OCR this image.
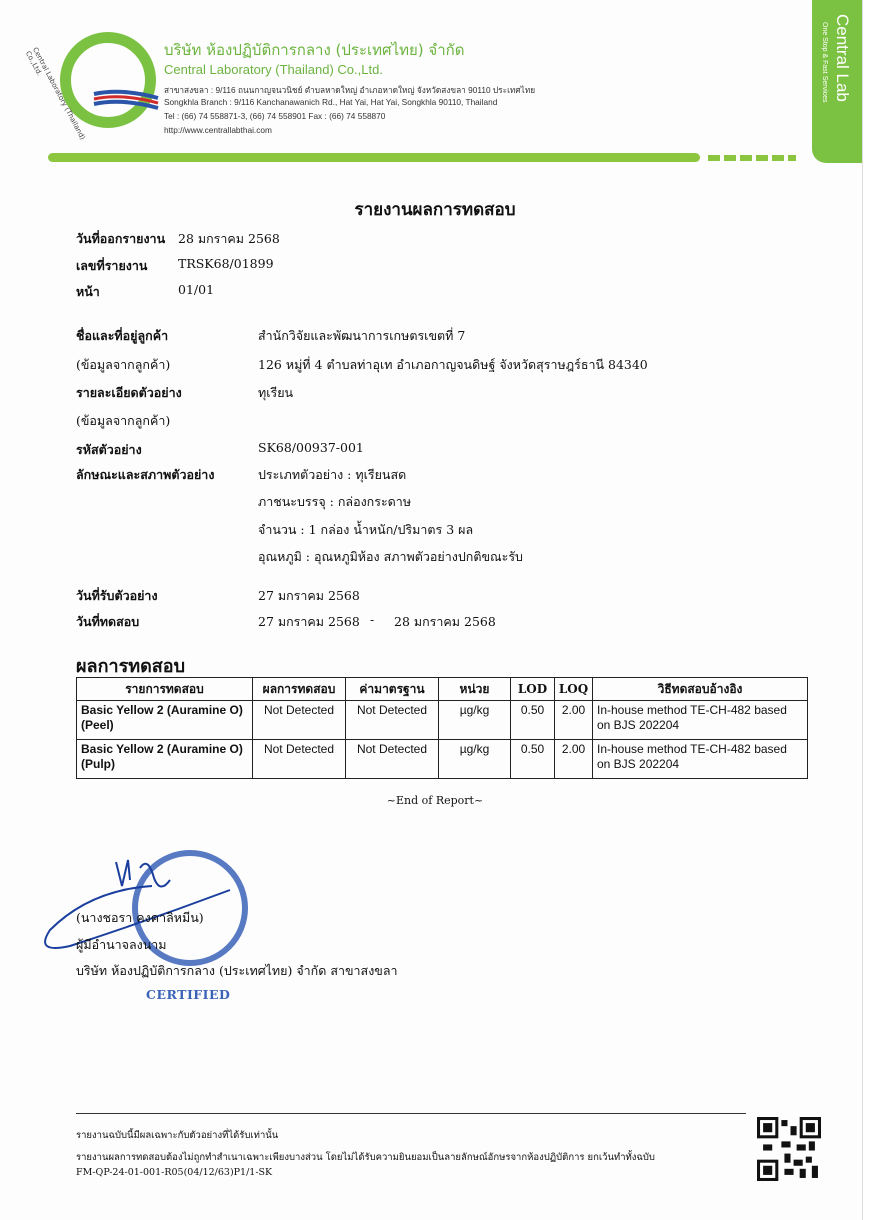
Central Laboratory (Thailand) Co.,Ltd.	บริษัท ห้องปฏิบัติการกลาง (ประเทศไทย) จำกัด
Central Laboratory (Thailand) Co.,Ltd.
สาขาสงขลา : 9/116 ถนนกาญจนวนิชย์ ตำบลหาดใหญ่ อำเภอหาดใหญ่ จังหวัดสงขลา 90110 ประเทศไทย
Songkhla Branch : 9/116 Kanchanawanich Rd., Hat Yai, Hat Yai, Songkhla 90110, Thailand
Tel : (66) 74 558871-3, (66) 74 558901 Fax : (66) 74 558870
http://www.centrallabthai.com
Central Lab
One Stop & Fast Services
รายงานผลการทดสอบ
วันที่ออกรายงาน 28 มกราคม 2568
เลขที่รายงาน TRSK68/01899
หน้า	01/01
ชื่อและที่อยู่ลูกค้า	สำนักวิจัยและพัฒนาการเกษตรเขตที่ 7
(ข้อมูลจากลูกค้า)	126 หมู่ที่ 4 ตำบลท่าอุเท อำเภอกาญจนดิษฐ์ จังหวัดสุราษฎร์ธานี 84340
รายละเอียดตัวอย่าง	ทุเรียน
(ข้อมูลจากลูกค้า)
รหัสตัวอย่าง	SK68/00937-001
ลักษณะและสภาพตัวอย่าง	ประเภทตัวอย่าง : ทุเรียนสด
ภาชนะบรรจุ : กล่องกระดาษ
จำนวน : 1 กล่อง น้ำหนัก/ปริมาตร 3 ผล
อุณหภูมิ : อุณหภูมิห้อง สภาพตัวอย่างปกติขณะรับ
วันที่รับตัวอย่าง	27 มกราคม 2568
วันที่ทดสอบ	27 มกราคม 2568 - 28 มกราคม 2568
ผลการทดสอบ
รายการทดสอบ	ผลการทดสอบ	ค่ามาตรฐาน	หน่วย	LOD	LOQ	วิธีทดสอบอ้างอิง
Basic Yellow 2 (Auramine O) (Peel)	Not Detected	Not Detected	µg/kg	0.50	2.00	In-house method TE-CH-482 based on BJS 202204
Basic Yellow 2 (Auramine O) (Pulp)	Not Detected	Not Detected	µg/kg	0.50	2.00	In-house method TE-CH-482 based on BJS 202204
~End of Report~
(นางชอรา คงคาลิหมีน)
ผู้มีอำนาจลงนาม
บริษัท ห้องปฏิบัติการกลาง (ประเทศไทย) จำกัด สาขาสงขลา
CERTIFIED
รายงานฉบับนี้มีผลเฉพาะกับตัวอย่างที่ได้รับเท่านั้น
รายงานผลการทดสอบต้องไม่ถูกทำสำเนาเฉพาะเพียงบางส่วน โดยไม่ได้รับความยินยอมเป็นลายลักษณ์อักษรจากห้องปฏิบัติการ ยกเว้นทำทั้งฉบับ
FM-QP-24-01-001-R05(04/12/63)P1/1-SK
